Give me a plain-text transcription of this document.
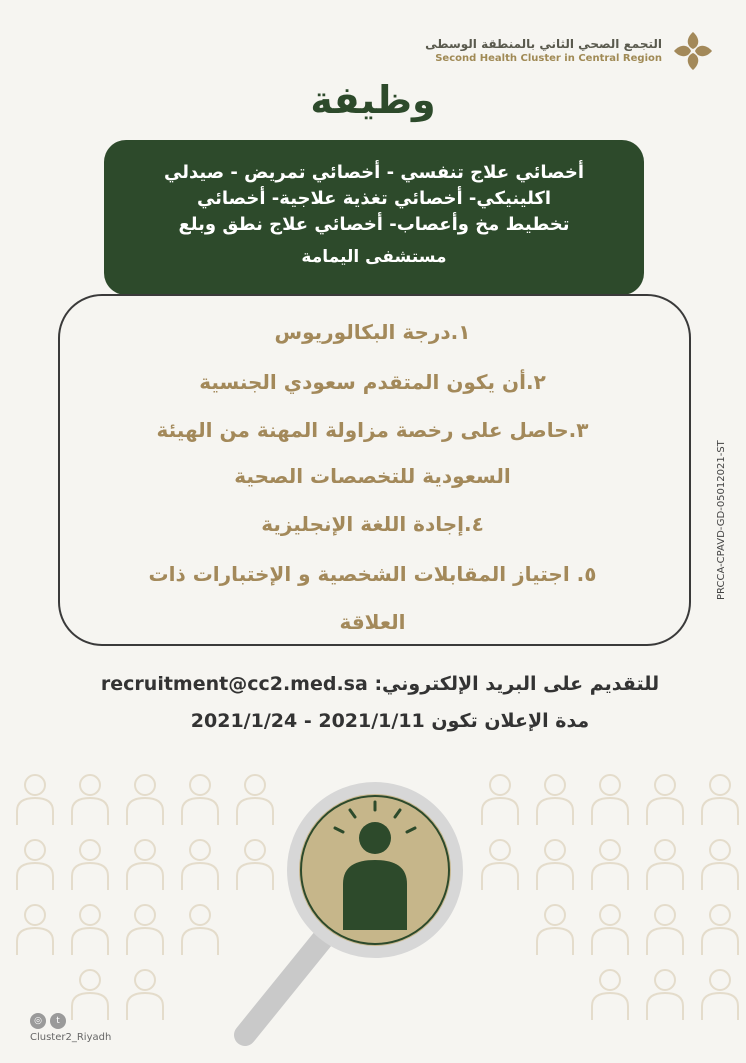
التجمع الصحي الثاني بالمنطقة الوسطى
Second Health Cluster in Central Region
وظيفة
أخصائي علاج تنفسي - أخصائي تمريض - صيدلي
اكلينيكي- أخصائي تغذية علاجية- أخصائي
تخطيط مخ وأعصاب- أخصائي علاج نطق وبلع
مستشفى اليمامة
١.درجة البكالوريوس
٢.أن يكون المتقدم سعودي الجنسية
٣.حاصل على رخصة مزاولة المهنة من الهيئة
السعودية للتخصصات الصحية
٤.إجادة اللغة الإنجليزية
٥. اجتياز المقابلات الشخصية و الإختبارات ذات
العلاقة
للتقديم على البريد الإلكتروني: recruitment@cc2.med.sa
مدة الإعلان تكون 2021/1/24 - 2021/1/11
PRCCA-CPAVD-GD-05012021-ST
◎	t
Cluster2_Riyadh
